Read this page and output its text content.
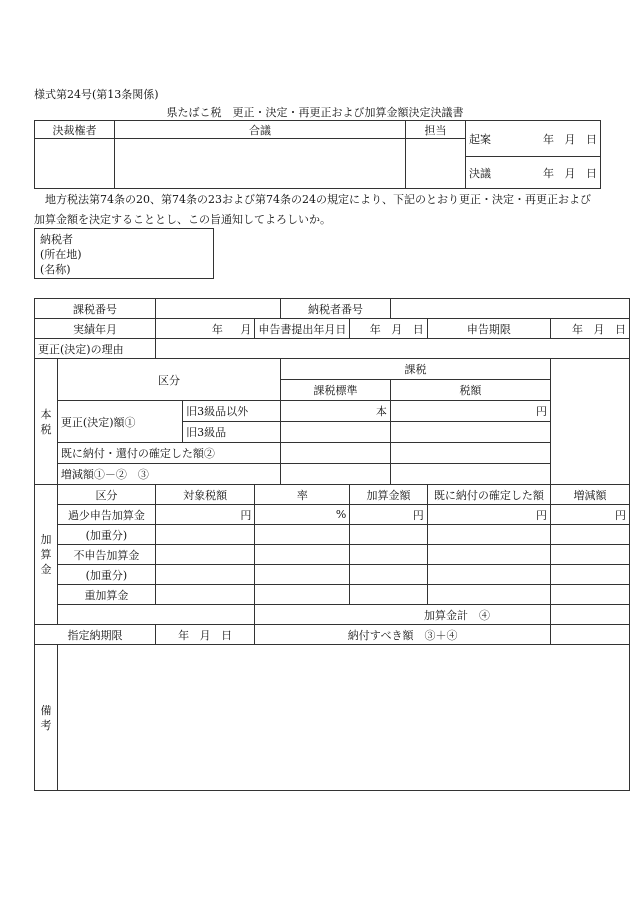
様式第24号(第13条関係)
県たばこ税　更正・決定・再更正および加算金額決定決議書
決裁権者	合議	担当	起案 年 月 日

			決議 年 月 日
地方税法第74条の20、第74条の23および第74条の24の規定により、下記のとおり更正・決定・再更正および加算金額を決定することとし、この旨通知してよろしいか。
納税者
(所在地)
(名称)
課税番号					納税者番号				
実績年月		年 月		申告書提出年月日		年 月 日		申告期限	年 月 日
更正(決定)の理由									

本
税	区分				課税				
					課税標準		税額		
	更正(決定)額①		旧3級品以外		本		円		
			旧3級品						
	既に納付・還付の確定した額②								
	増減額①－②　③								

加
算
金	区分	対象税額		率		加算金額		既に納付の確定した額	増減額
	過少申告加算金	円		%		円		円	円
	(加重分)								
	不申告加算金								
	(加重分)								
	重加算金								
				加算金計　④					
指定納期限		年 月 日		納付すべき額　③＋④					

備
考									
